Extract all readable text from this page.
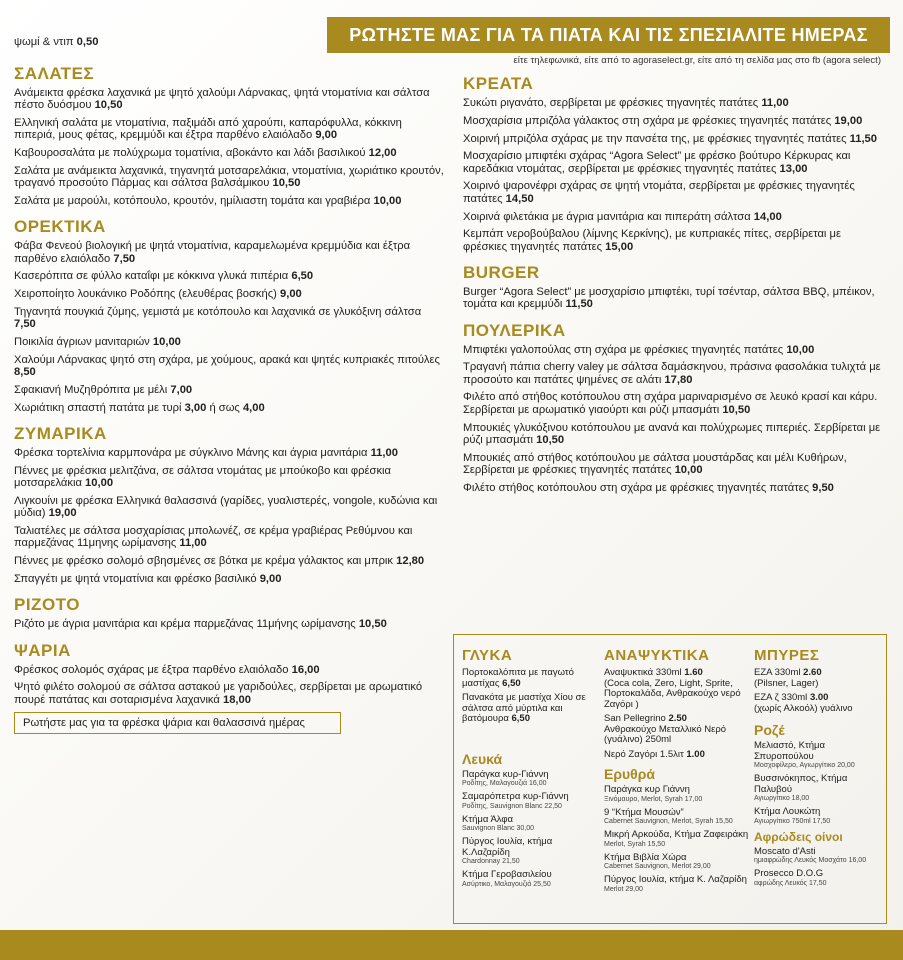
ΡΩΤΗΣΤΕ ΜΑΣ ΓΙΑ ΤΑ ΠΙΑΤΑ ΚΑΙ ΤΙΣ ΣΠΕΣΙΑΛΙΤΕ ΗΜΕΡΑΣ
είτε τηλεφωνικά, είτε από το agoraselect.gr, είτε από τη σελίδα μας στο fb (agora select)
ψωμί & ντιπ 0,50
ΣΑΛΑΤΕΣ
Ανάμεικτα φρέσκα λαχανικά με ψητό χαλούμι Λάρνακας, ψητά ντοματίνια και σάλτσα πέστο δυόσμου 10,50
Ελληνική σαλάτα με ντοματίνια, παξιμάδι από χαρούπι, καπαρόφυλλα, κόκκινη πιπεριά, μους φέτας, κρεμμύδι και έξτρα παρθένο ελαιόλαδο 9,00
Καβουροσαλάτα με πολύχρωμα τοματίνια, αβοκάντο και λάδι βασιλικού 12,00
Σαλάτα με ανάμεικτα λαχανικά, τηγανητά μοτσαρελάκια, ντοματίνια, χωριάτικο κρουτόν, τραγανό προσούτο Πάρμας και σάλτσα βαλσάμικου 10,50
Σαλάτα με μαρούλι, κοτόπουλο, κρουτόν, ημίλιαστη τομάτα και γραβιέρα 10,00
ΟΡΕΚΤΙΚΑ
Φάβα Φενεού βιολογική με ψητά ντοματίνια, καραμελωμένα κρεμμύδια και έξτρα παρθένο ελαιόλαδο 7,50
Κασερόπιτα σε φύλλο καταΐφι με κόκκινα γλυκά πιπέρια 6,50
Χειροποίητο λουκάνικο Ροδόπης (ελευθέρας βοσκής) 9,00
Τηγανητά πουγκιά ζύμης, γεμιστά με κοτόπουλο και λαχανικά σε γλυκόξινη σάλτσα 7,50
Ποικιλία άγριων μανιταριών 10,00
Χαλούμι Λάρνακας ψητό στη σχάρα, με χούμους, αρακά και ψητές κυπριακές πιτούλες 8,50
Σφακιανή Μυζηθρόπιτα με μέλι 7,00
Χωριάτικη σπαστή πατάτα με τυρί 3,00 ή σως 4,00
ΖΥΜΑΡΙΚΑ
Φρέσκα τορτελίνια καρμπονάρα με σύγκλινο Μάνης και άγρια μανιτάρια 11,00
Πέννες με φρέσκια μελιτζάνα, σε σάλτσα ντομάτας με μπούκοβο και φρέσκια μοτσαρελάκια 10,00
Λιγκουίνι με φρέσκα Ελληνικά θαλασσινά (γαρίδες, γυαλιστερές, vongole, κυδώνια και μύδια) 19,00
Ταλιατέλες με σάλτσα μοσχαρίσιας μπολωνέζ, σε κρέμα γραβιέρας Ρεθύμνου και παρμεζάνας 11μηνης ωρίμανσης 11,00
Πέννες με φρέσκο σολομό σβησμένες σε βότκα με κρέμα γάλακτος και μπρικ 12,80
Σπαγγέτι με ψητά ντοματίνια και φρέσκο βασιλικό 9,00
ΡΙΖΟΤΟ
Ριζότο με άγρια μανιτάρια και κρέμα παρμεζάνας 11μήνης ωρίμανσης 10,50
ΨΑΡΙΑ
Φρέσκος σολομός σχάρας με έξτρα παρθένο ελαιόλαδο 16,00
Ψητό φιλέτο σολομού σε σάλτσα αστακού με γαριδούλες, σερβίρεται με αρωματικό πουρέ πατάτας και σοταρισμένα λαχανικά 18,00
Ρωτήστε μας για τα φρέσκα ψάρια και θαλασσινά ημέρας
ΚΡΕΑΤΑ
Συκώτι ριγανάτο, σερβίρεται με φρέσκιες τηγανητές πατάτες 11,00
Μοσχαρίσια μπριζόλα γάλακτος στη σχάρα με φρέσκιες τηγανητές πατάτες 19,00
Χοιρινή μπριζόλα σχάρας με την πανσέτα της, με φρέσκιες τηγανητές πατάτες 11,50
Μοσχαρίσιο μπιφτέκι σχάρας “Agora Select” με φρέσκο βούτυρο Κέρκυρας και καρεδάκια ντομάτας, σερβίρεται με φρέσκιες τηγανητές πατάτες 13,00
Χοιρινό ψαρονέφρι σχάρας σε ψητή ντομάτα, σερβίρεται με φρέσκιες τηγανητές πατάτες 14,50
Χοιρινά φιλετάκια με άγρια μανιτάρια και πιπεράτη σάλτσα 14,00
Κεμπάπ νεροβούβαλου (λίμνης Κερκίνης), με κυπριακές πίτες, σερβίρεται με φρέσκιες τηγανητές πατάτες 15,00
BURGER
Burger “Agora Select” με μοσχαρίσιο μπιφτέκι, τυρί τσένταρ, σάλτσα BBQ, μπέικον, τομάτα και κρεμμύδι 11,50
ΠΟΥΛΕΡΙΚΑ
Μπιφτέκι γαλοπούλας στη σχάρα με φρέσκιες τηγανητές πατάτες 10,00
Τραγανή πάπια cherry valey με σάλτσα δαμάσκηνου, πράσινα φασολάκια τυλιχτά με προσούτο και πατάτες ψημένες σε αλάτι 17,80
Φιλέτο από στήθος κοτόπουλου στη σχάρα μαριναρισμένο σε λευκό κρασί και κάρυ. Σερβίρεται με αρωματικό γιαούρτι και ρύζι μπασμάτι 10,50
Μπουκιές γλυκόξινου κοτόπουλου με ανανά και πολύχρωμες πιπεριές. Σερβίρεται με ρύζι μπασμάτι 10,50
Μπουκιές από στήθος κοτόπουλου με σάλτσα μουστάρδας και μέλι Κυθήρων, Σερβίρεται με φρέσκιες τηγανητές πατάτες 10,00
Φιλέτο στήθος κοτόπουλου στη σχάρα με φρέσκιες τηγανητές πατάτες 9,50
ΓΛΥΚΑ
Πορτοκαλόπιτα με παγωτό μαστίχας 6,50
Πανακότα με μαστίχα Χίου σε σάλτσα από μύρτιλα και βατόμουρα 6,50
Λευκά
Παράγκα κυρ-Γιάννη
Ροδίτης, Μαλαγουζιά 16,00
Σαμαρόπετρα κυρ-Γιάννη
Ροδίτης, Sauvignon Blanc 22,50
Κτήμα Άλφα
Sauvignon Blanc 30,00
Πύργος Ιουλία, κτήμα Κ.Λαζαρίδη
Chardonnay 21,50
Κτήμα Γεροβασιλείου
Ασύρτικο, Μαλαγουζιά 25,50
ΑΝΑΨΥΚΤΙΚΑ
Αναψυκτικά 330ml 1.60
(Coca cola, Zero, Light, Sprite, Πορτοκαλάδα, Ανθρακούχο νερό Ζαγόρι )
San Pellegrino 2.50
Ανθρακούχο Μεταλλικό Νερό (γυάλινο) 250ml
Νερό Ζαγόρι 1.5λιτ 1.00
Ερυθρά
Παράγκα κυρ Γιάννη
Ξινόμαυρο, Merlot, Syrah 17,00
9 “Κτήμα Μουσών”
Cabernet Sauvignon, Merlot, Syrah 15,50
Μικρή Αρκούδα, Κτήμα Ζαφειράκη
Merlot, Syrah 15,50
Κτήμα Βιβλία Χώρα
Cabernet Sauvignon, Merlot 29,00
Πύργος Ιουλία, κτήμα Κ. Λαζαρίδη
Merlot 29,00
ΜΠΥΡΕΣ
ΕΖΑ 330ml 2.60
(Pilsner, Lager)
ΕΖΑ ζ 330ml 3.00
(χωρίς Αλκοόλ) γυάλινο
Ροζέ
Μελιαστό, Κτήμα Σπυροπούλου
Μοσχοφίλερο, Αγιωργίτικο 20,00
Βυσσινόκηπος, Κτήμα Παλυβού
Αγιωργίτικο 18,00
Κτήμα Λουκώτη
Αγιωργίτικο 750ml 17,50
Αφρώδεις οίνοι
Moscato d'Asti
ημιαφρώδης Λευκός Μοσχάτο 16,00
Prosecco D.O.G
αφρώδης Λευκός 17,50
